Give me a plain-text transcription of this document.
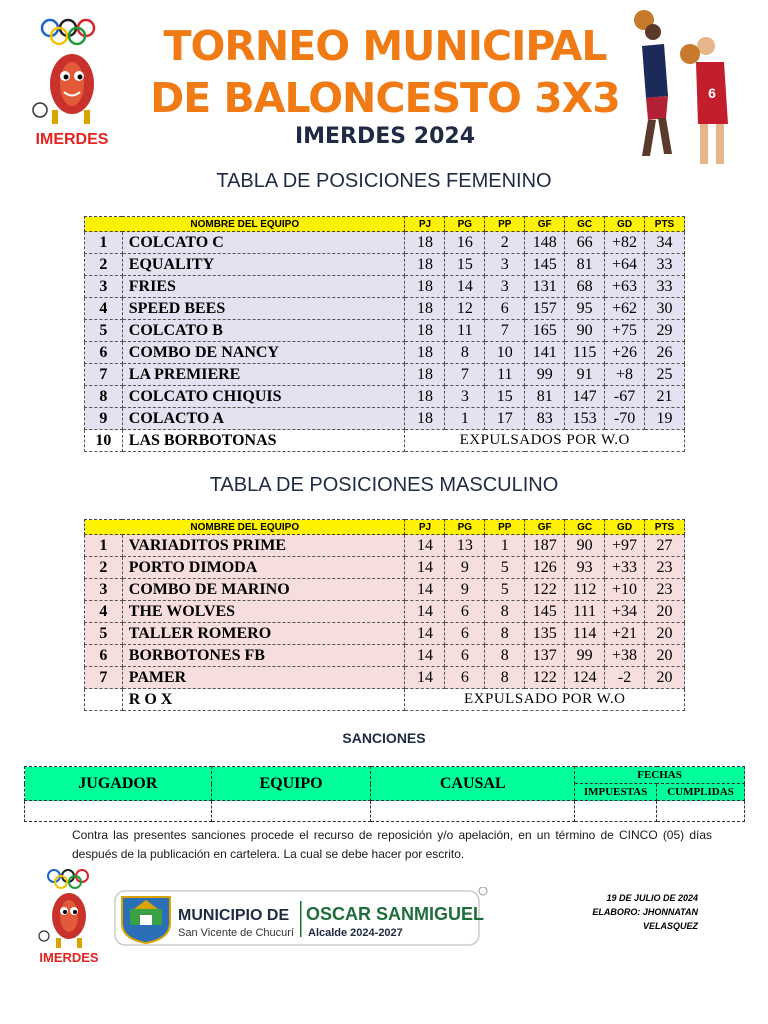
IMERDES
TORNEO MUNICIPAL
DE BALONCESTO 3X3
IMERDES 2024
6
TABLA DE POSICIONES FEMENINO
NOMBRE DEL EQUIPO		PJ	PG	PP	GF	GC	GD	PTS
1	COLCATO C	18	16	2	148	66	+82	34
2	EQUALITY	18	15	3	145	81	+64	33
3	FRIES	18	14	3	131	68	+63	33
4	SPEED BEES	18	12	6	157	95	+62	30
5	COLCATO B	18	11	7	165	90	+75	29
6	COMBO DE NANCY	18	8	10	141	115	+26	26
7	LA PREMIERE	18	7	11	99	91	+8	25
8	COLCATO CHIQUIS	18	3	15	81	147	-67	21
9	COLACTO A	18	1	17	83	153	-70	19
10	LAS BORBOTONAS	EXPULSADOS POR W.O						
TABLA DE POSICIONES MASCULINO
NOMBRE DEL EQUIPO		PJ	PG	PP	GF	GC	GD	PTS
1	VARIADITOS PRIME	14	13	1	187	90	+97	27
2	PORTO DIMODA	14	9	5	126	93	+33	23
3	COMBO DE MARINO	14	9	5	122	112	+10	23
4	THE WOLVES	14	6	8	145	111	+34	20
5	TALLER ROMERO	14	6	8	135	114	+21	20
6	BORBOTONES FB	14	6	8	137	99	+38	20
7	PAMER	14	6	8	122	124	-2	20
	R O X	EXPULSADO POR W.O						
SANCIONES
JUGADOR	EQUIPO	CAUSAL	FECHAS	
			IMPUESTAS	CUMPLIDAS

Contra las presentes sanciones procede el recurso de reposición y/o apelación, en un término de CINCO (05) días después de la publicación en cartelera. La cual se debe hacer por escrito.
IMERDES
MUNICIPIO DE
San Vicente de Chucurí
OSCAR SANMIGUEL
Alcalde 2024-2027
19 DE JULIO DE 2024
ELABORO: JHONNATAN VELASQUEZ
